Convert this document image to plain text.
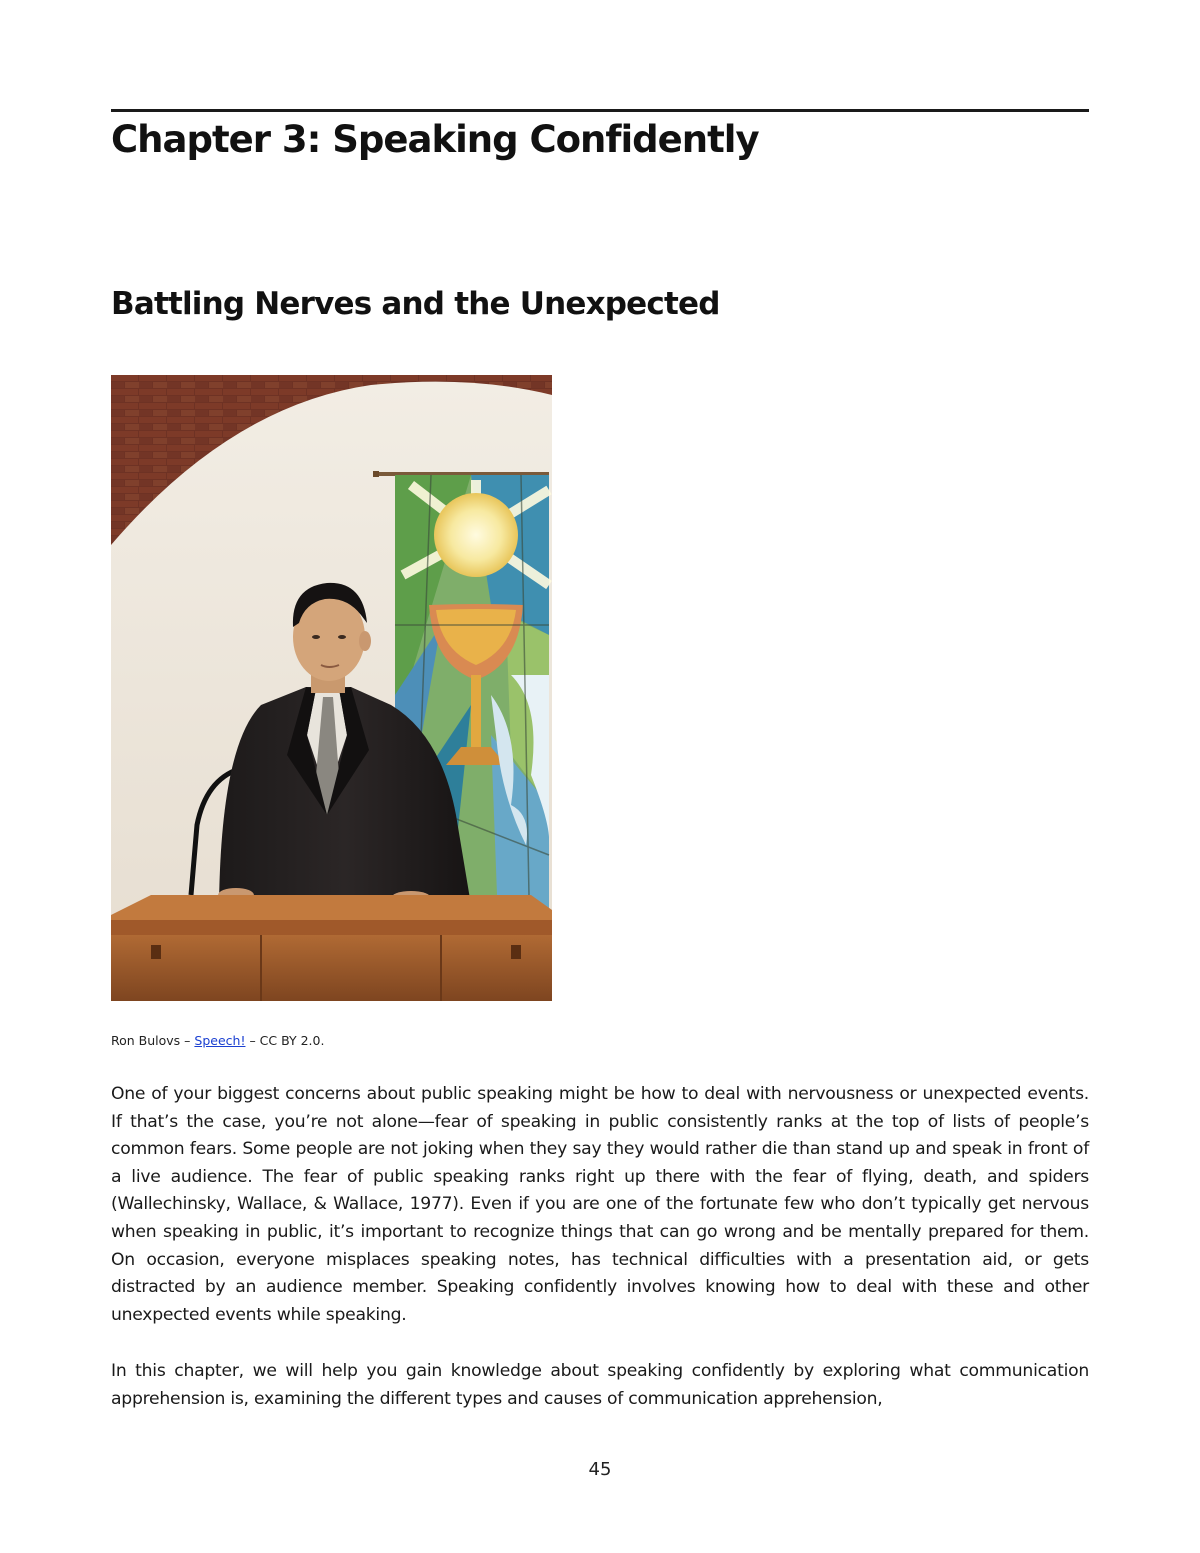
Chapter 3: Speaking Confidently
Battling Nerves and the Unexpected
Ron Bulovs – Speech! – CC BY 2.0.

One of your biggest concerns about public speaking might be how to deal with nervousness or unexpected events. If that’s the case, you’re not alone—fear of speaking in public consistently ranks at the top of lists of people’s common fears. Some people are not joking when they say they would rather die than stand up and speak in front of a live audience. The fear of public speaking ranks right up there with the fear of flying, death, and spiders (Wallechinsky, Wallace, & Wallace, 1977). Even if you are one of the fortunate few who don’t typically get nervous when speaking in public, it’s important to recognize things that can go wrong and be mentally prepared for them. On occasion, everyone misplaces speaking notes, has technical difficulties with a presentation aid, or gets distracted by an audience member. Speaking confidently involves knowing how to deal with these and other unexpected events while speaking.

In this chapter, we will help you gain knowledge about speaking confidently by exploring what communication apprehension is, examining the different types and causes of communication apprehension,

45
